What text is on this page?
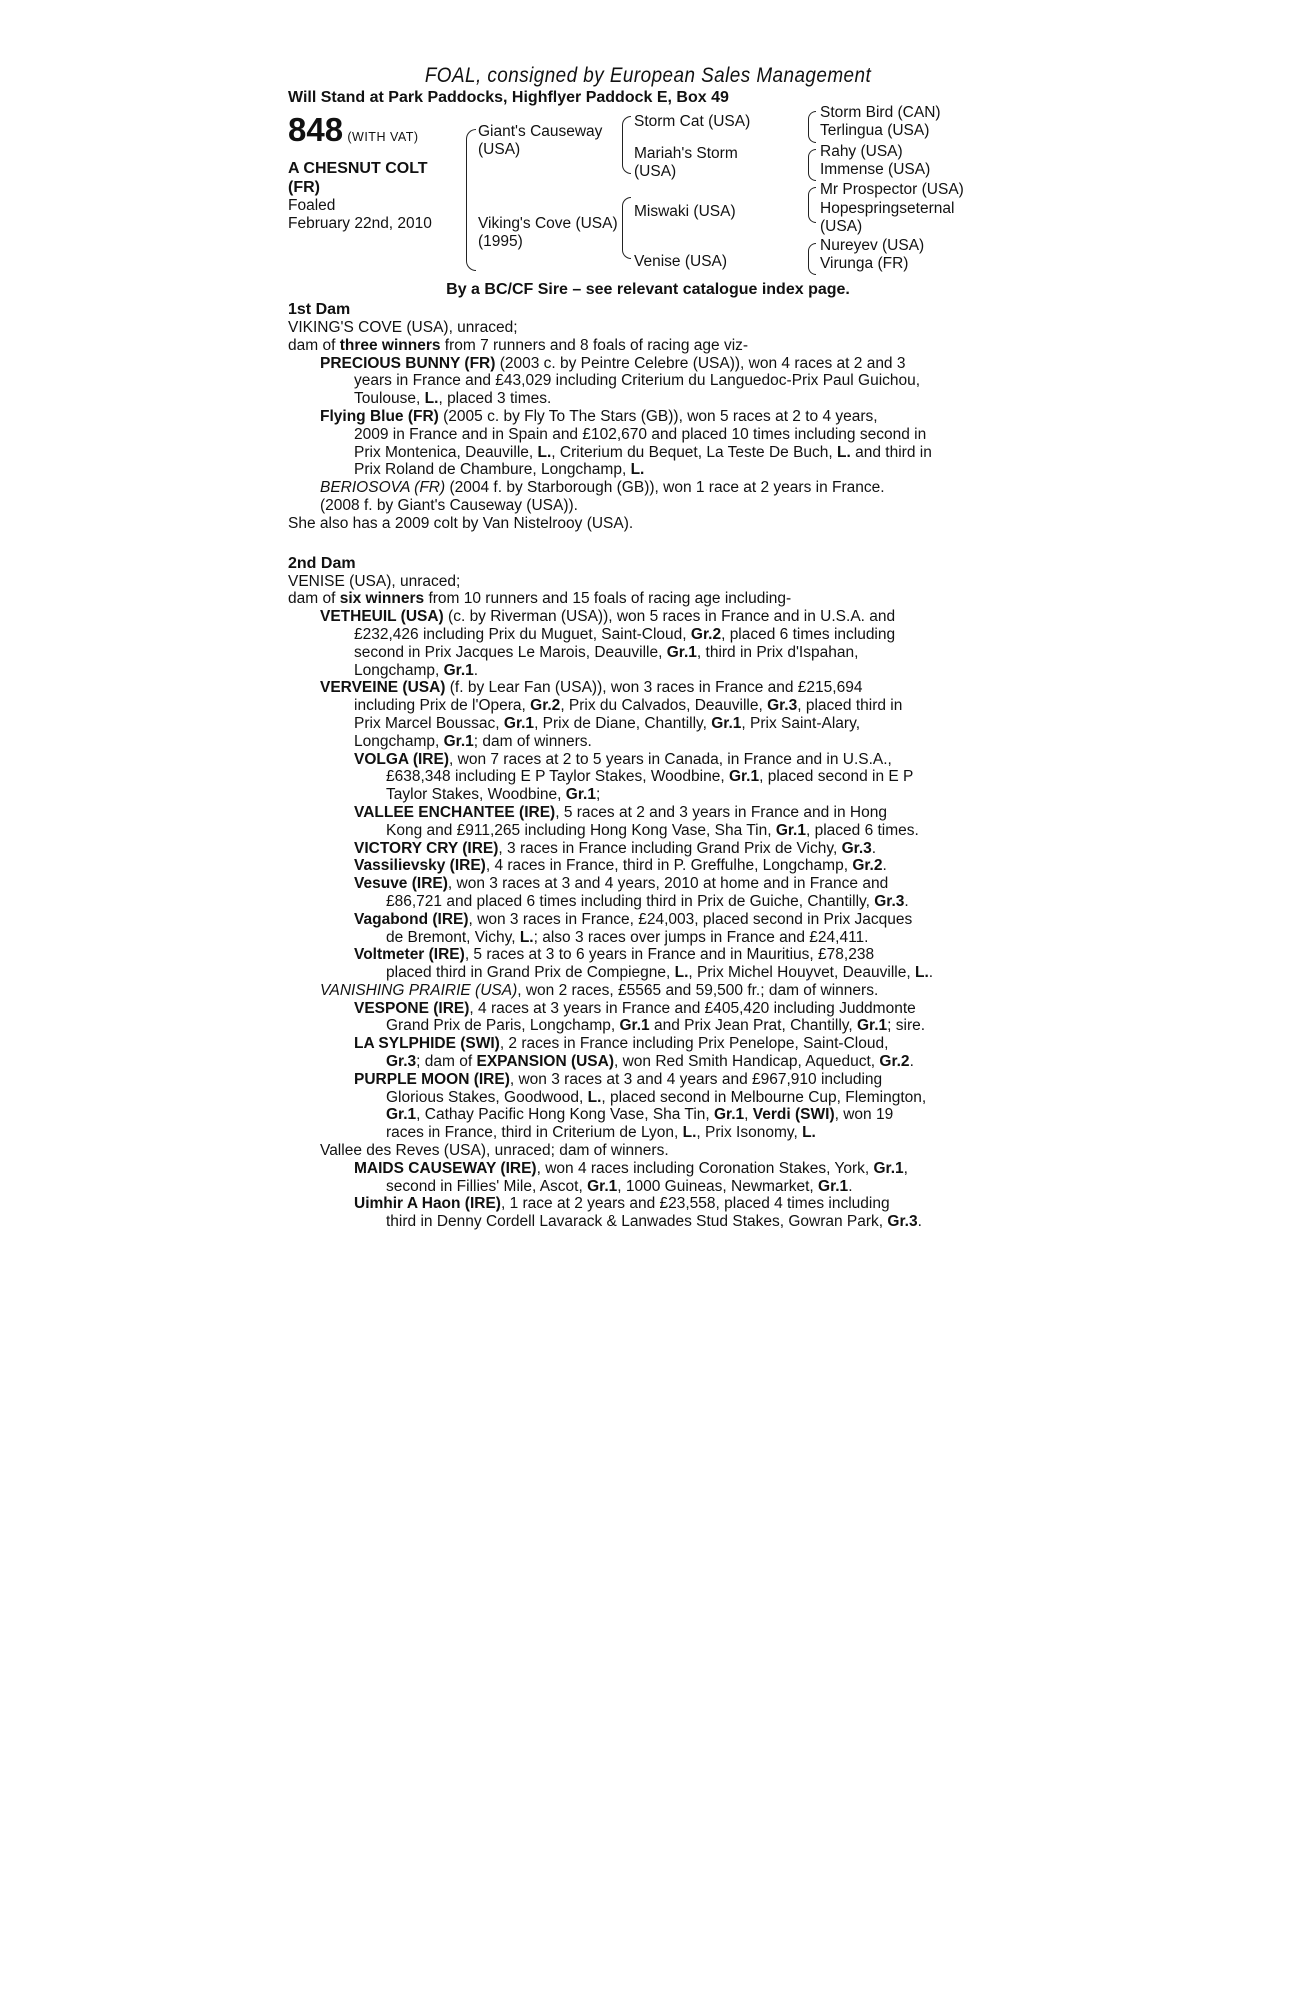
FOAL, consigned by European Sales Management
Will Stand at Park Paddocks, Highflyer Paddock E, Box 49
848 (WITH VAT)
A CHESNUT COLT
(FR)
Foaled
February 22nd, 2010
Giant's Causeway
(USA)
Viking's Cove (USA)
(1995)
Storm Cat (USA)
Mariah's Storm
(USA)
Miswaki (USA)
Venise (USA)
Storm Bird (CAN)
Terlingua (USA)
Rahy (USA)
Immense (USA)
Mr Prospector (USA)
Hopespringseternal
(USA)
Nureyev (USA)
Virunga (FR)
By a BC/CF Sire – see relevant catalogue index page.
1st Dam
VIKING'S COVE (USA), unraced;
dam of three winners from 7 runners and 8 foals of racing age viz-
PRECIOUS BUNNY (FR) (2003 c. by Peintre Celebre (USA)), won 4 races at 2 and 3
years in France and £43,029 including Criterium du Languedoc-Prix Paul Guichou,
Toulouse, L., placed 3 times.
Flying Blue (FR) (2005 c. by Fly To The Stars (GB)), won 5 races at 2 to 4 years,
2009 in France and in Spain and £102,670 and placed 10 times including second in
Prix Montenica, Deauville, L., Criterium du Bequet, La Teste De Buch, L. and third in
Prix Roland de Chambure, Longchamp, L.
BERIOSOVA (FR) (2004 f. by Starborough (GB)), won 1 race at 2 years in France.
(2008 f. by Giant's Causeway (USA)).
She also has a 2009 colt by Van Nistelrooy (USA).
2nd Dam
VENISE (USA), unraced;
dam of six winners from 10 runners and 15 foals of racing age including-
VETHEUIL (USA) (c. by Riverman (USA)), won 5 races in France and in U.S.A. and
£232,426 including Prix du Muguet, Saint-Cloud, Gr.2, placed 6 times including
second in Prix Jacques Le Marois, Deauville, Gr.1, third in Prix d'Ispahan,
Longchamp, Gr.1.
VERVEINE (USA) (f. by Lear Fan (USA)), won 3 races in France and £215,694
including Prix de l'Opera, Gr.2, Prix du Calvados, Deauville, Gr.3, placed third in
Prix Marcel Boussac, Gr.1, Prix de Diane, Chantilly, Gr.1, Prix Saint-Alary,
Longchamp, Gr.1; dam of winners.
VOLGA (IRE), won 7 races at 2 to 5 years in Canada, in France and in U.S.A.,
£638,348 including E P Taylor Stakes, Woodbine, Gr.1, placed second in E P
Taylor Stakes, Woodbine, Gr.1;
VALLEE ENCHANTEE (IRE), 5 races at 2 and 3 years in France and in Hong
Kong and £911,265 including Hong Kong Vase, Sha Tin, Gr.1, placed 6 times.
VICTORY CRY (IRE), 3 races in France including Grand Prix de Vichy, Gr.3.
Vassilievsky (IRE), 4 races in France, third in P. Greffulhe, Longchamp, Gr.2.
Vesuve (IRE), won 3 races at 3 and 4 years, 2010 at home and in France and
£86,721 and placed 6 times including third in Prix de Guiche, Chantilly, Gr.3.
Vagabond (IRE), won 3 races in France, £24,003, placed second in Prix Jacques
de Bremont, Vichy, L.; also 3 races over jumps in France and £24,411.
Voltmeter (IRE), 5 races at 3 to 6 years in France and in Mauritius, £78,238
placed third in Grand Prix de Compiegne, L., Prix Michel Houyvet, Deauville, L..
VANISHING PRAIRIE (USA), won 2 races, £5565 and 59,500 fr.; dam of winners.
VESPONE (IRE), 4 races at 3 years in France and £405,420 including Juddmonte
Grand Prix de Paris, Longchamp, Gr.1 and Prix Jean Prat, Chantilly, Gr.1; sire.
LA SYLPHIDE (SWI), 2 races in France including Prix Penelope, Saint-Cloud,
Gr.3; dam of EXPANSION (USA), won Red Smith Handicap, Aqueduct, Gr.2.
PURPLE MOON (IRE), won 3 races at 3 and 4 years and £967,910 including
Glorious Stakes, Goodwood, L., placed second in Melbourne Cup, Flemington,
Gr.1, Cathay Pacific Hong Kong Vase, Sha Tin, Gr.1, Verdi (SWI), won 19
races in France, third in Criterium de Lyon, L., Prix Isonomy, L.
Vallee des Reves (USA), unraced; dam of winners.
MAIDS CAUSEWAY (IRE), won 4 races including Coronation Stakes, York, Gr.1,
second in Fillies' Mile, Ascot, Gr.1, 1000 Guineas, Newmarket, Gr.1.
Uimhir A Haon (IRE), 1 race at 2 years and £23,558, placed 4 times including
third in Denny Cordell Lavarack & Lanwades Stud Stakes, Gowran Park, Gr.3.
